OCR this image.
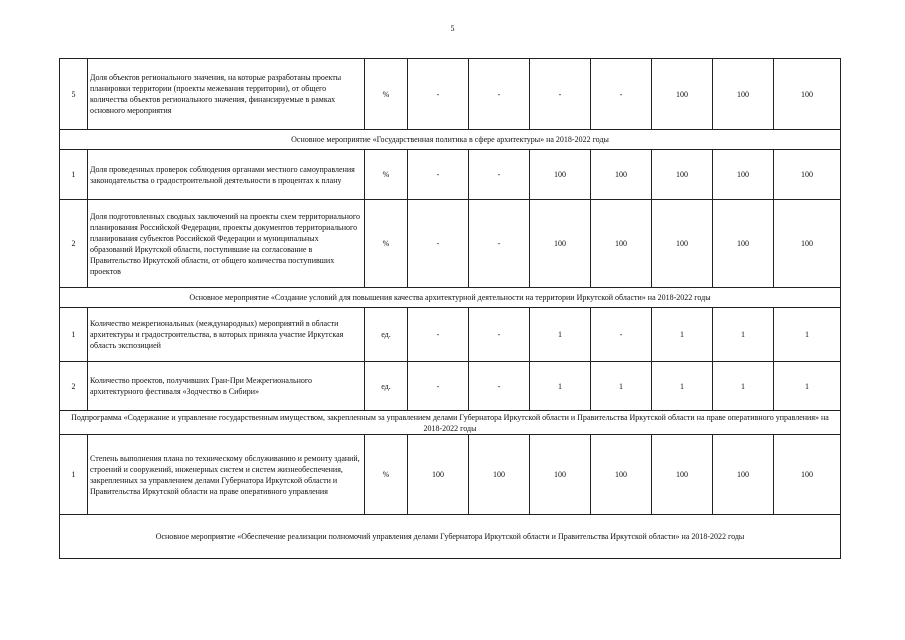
5
5	Доля объектов регионального значения, на которые разработаны проекты планировки территории (проекты межевания территории), от общего количества объектов регионального значения, финансируемые в рамках основного мероприятия	%	-	-	-	-	100	100	100
Основное мероприятие «Государственная политика в сфере архитектуры» на 2018-2022 годы									
1	Доля проведенных проверок соблюдения органами местного самоуправления законодательства о градостроительной деятельности в процентах к плану	%	-	-	100	100	100	100	100
2	Доля подготовленных сводных заключений на проекты схем территориального планирования Российской Федерации, проекты документов территориального планирования субъектов Российской Федерации и муниципальных образований Иркутской области, поступившие на согласование в Правительство Иркутской области, от общего количества поступивших проектов	%	-	-	100	100	100	100	100
Основное мероприятие «Создание условий для повышения качества архитектурной деятельности на территории Иркутской области» на 2018-2022 годы									
1	Количество межрегиональных (международных) мероприятий в области архитектуры и градостроительства, в которых приняла участие Иркутская область экспозицией	ед.	-	-	1	-	1	1	1
2	Количество проектов, получивших Гран-При Межрегионального архитектурного фестиваля «Зодчество в Сибири»	ед.	-	-	1	1	1	1	1
Подпрограмма «Содержание и управление государственным имуществом, закрепленным за управлением делами Губернатора Иркутской области и Правительства Иркутской области на праве оперативного управления» на 2018-2022 годы									
1	Степень выполнения плана по техническому обслуживанию и ремонту зданий, строений и сооружений, инженерных систем и систем жизнеобеспечения, закрепленных за управлением делами Губернатора Иркутской области и Правительства Иркутской области на праве оперативного управления	%	100	100	100	100	100	100	100
Основное мероприятие «Обеспечение реализации полномочий управления делами Губернатора Иркутской области и Правительства Иркутской области» на 2018-2022 годы									
